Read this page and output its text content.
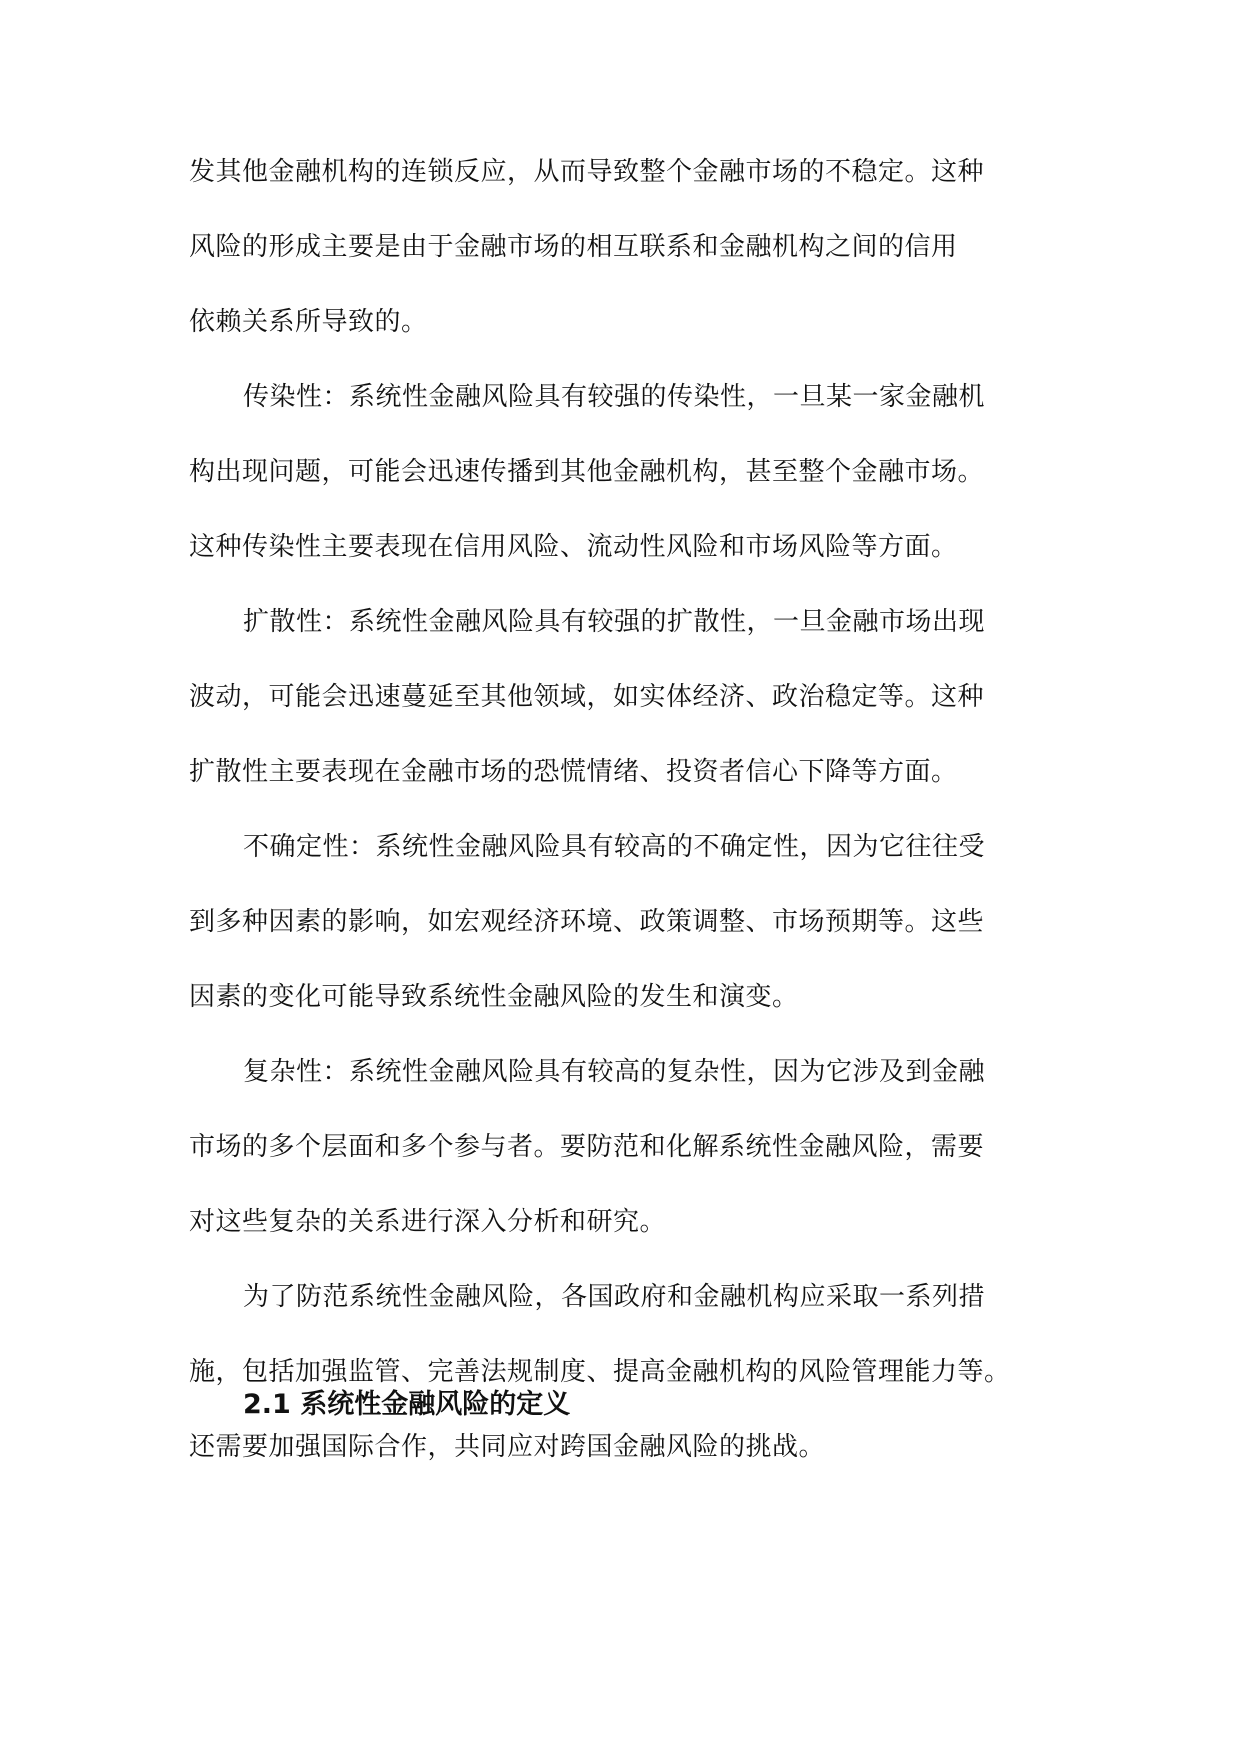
发其他金融机构的连锁反应，从而导致整个金融市场的不稳定。这种
风险的形成主要是由于金融市场的相互联系和金融机构之间的信用
依赖关系所导致的。
传染性：系统性金融风险具有较强的传染性，一旦某一家金融机
构出现问题，可能会迅速传播到其他金融机构，甚至整个金融市场。
这种传染性主要表现在信用风险、流动性风险和市场风险等方面。
扩散性：系统性金融风险具有较强的扩散性，一旦金融市场出现
波动，可能会迅速蔓延至其他领域，如实体经济、政治稳定等。这种
扩散性主要表现在金融市场的恐慌情绪、投资者信心下降等方面。
不确定性：系统性金融风险具有较高的不确定性，因为它往往受
到多种因素的影响，如宏观经济环境、政策调整、市场预期等。这些
因素的变化可能导致系统性金融风险的发生和演变。
复杂性：系统性金融风险具有较高的复杂性，因为它涉及到金融
市场的多个层面和多个参与者。要防范和化解系统性金融风险，需要
对这些复杂的关系进行深入分析和研究。
为了防范系统性金融风险，各国政府和金融机构应采取一系列措
施，包括加强监管、完善法规制度、提高金融机构的风险管理能力等。
还需要加强国际合作，共同应对跨国金融风险的挑战。
2.1 系统性金融风险的定义
